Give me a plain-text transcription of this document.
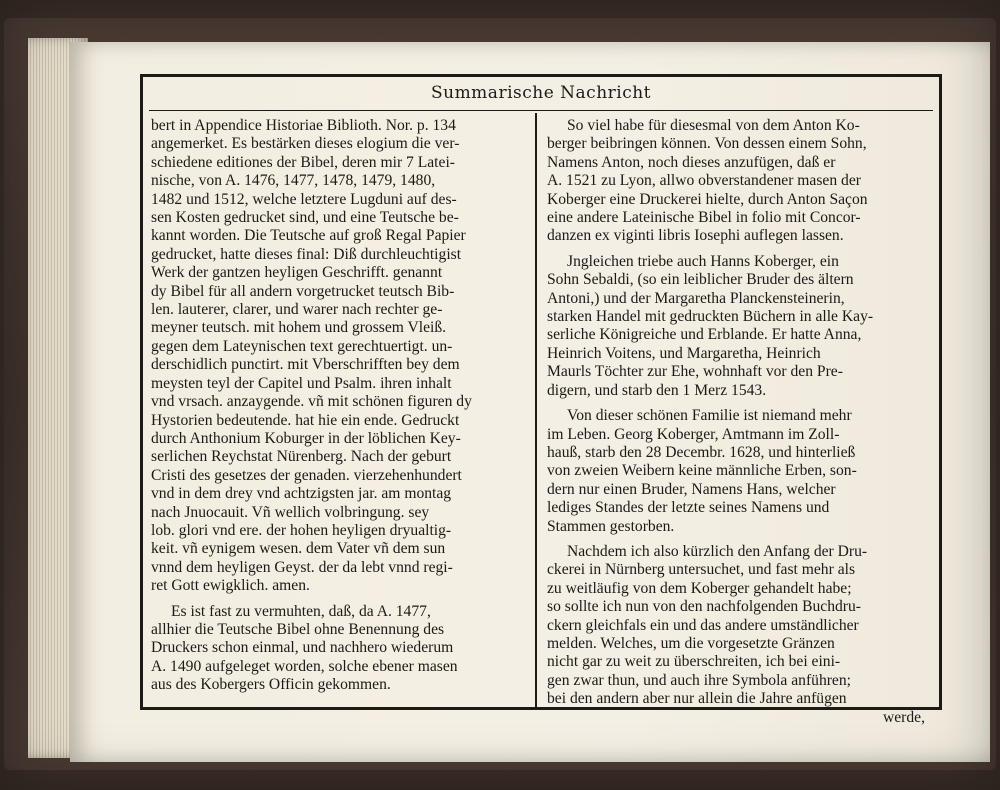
Summarische Nachricht

bert in Appendice Historiae Biblioth. Nor. p. 134
angemerket. Es bestärken dieses elogium die ver-
schiedene editiones der Bibel, deren mir 7 Latei-
nische, von A. 1476, 1477, 1478, 1479, 1480,
1482 und 1512, welche letztere Lugduni auf des-
sen Kosten gedrucket sind, und eine Teutsche be-
kannt worden. Die Teutsche auf groß Regal Papier
gedrucket, hatte dieses final: Diß durchleuchtigist
Werk der gantzen heyligen Geschrifft. genannt
dy Bibel für all andern vorgetrucket teutsch Bib-
len. lauterer, clarer, und warer nach rechter ge-
meyner teutsch. mit hohem und grossem Vleiß.
gegen dem Lateynischen text gerechtuertigt. un-
derschidlich punctirt. mit Vberschrifften bey dem
meysten teyl der Capitel und Psalm. ihren inhalt
vnd vrsach. anzaygende. vñ mit schönen figuren dy
Hystorien bedeutende. hat hie ein ende. Gedruckt
durch Anthonium Koburger in der löblichen Key-
serlichen Reychstat Nürenberg. Nach der geburt
Cristi des gesetzes der genaden. vierzehenhundert
vnd in dem drey vnd achtzigsten jar. am montag
nach Jnuocauit. Vñ wellich volbringung. sey
lob. glori vnd ere. der hohen heyligen dryualtig-
keit. vñ eynigem wesen. dem Vater vñ dem sun
vnnd dem heyligen Geyst. der da lebt vnnd regi-
ret Gott ewigklich. amen.

Es ist fast zu vermuhten, daß, da A. 1477,
allhier die Teutsche Bibel ohne Benennung des
Druckers schon einmal, und nachhero wiederum
A. 1490 aufgeleget worden, solche ebener masen
aus des Kobergers Officin gekommen.

So viel habe für diesesmal von dem Anton Ko-
berger beibringen können. Von dessen einem Sohn,
Namens Anton, noch dieses anzufügen, daß er
A. 1521 zu Lyon, allwo obverstandener masen der
Koberger eine Druckerei hielte, durch Anton Saçon
eine andere Lateinische Bibel in folio mit Concor-
danzen ex viginti libris Iosephi auflegen lassen.

Jngleichen triebe auch Hanns Koberger, ein
Sohn Sebaldi, (so ein leiblicher Bruder des ältern
Antoni,) und der Margaretha Planckensteinerin,
starken Handel mit gedruckten Büchern in alle Kay-
serliche Königreiche und Erblande. Er hatte Anna,
Heinrich Voitens, und Margaretha, Heinrich
Maurls Töchter zur Ehe, wohnhaft vor den Pre-
digern, und starb den 1 Merz 1543.

Von dieser schönen Familie ist niemand mehr
im Leben. Georg Koberger, Amtmann im Zoll-
hauß, starb den 28 Decembr. 1628, und hinterließ
von zweien Weibern keine männliche Erben, son-
dern nur einen Bruder, Namens Hans, welcher
lediges Standes der letzte seines Namens und
Stammen gestorben.

Nachdem ich also kürzlich den Anfang der Dru-
ckerei in Nürnberg untersuchet, und fast mehr als
zu weitläufig von dem Koberger gehandelt habe;
so sollte ich nun von den nachfolgenden Buchdru-
ckern gleichfals ein und das andere umständlicher
melden. Welches, um die vorgesetzte Gränzen
nicht gar zu weit zu überschreiten, ich bei eini-
gen zwar thun, und auch ihre Symbola anführen;
bei den andern aber nur allein die Jahre anfügen

werde,
